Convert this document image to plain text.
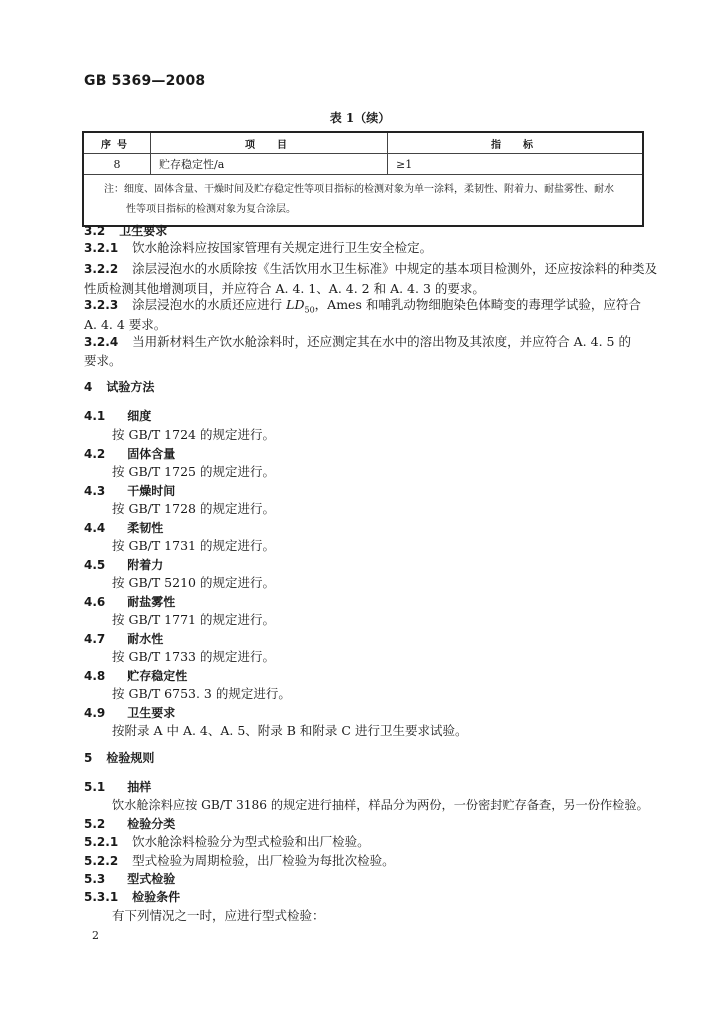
GB 5369—2008
表 1（续）
序号	项　目	指　标
8	贮存稳定性/a	≥1

注：细度、固体含量、干燥时间及贮存稳定性等项目指标的检测对象为单一涂料，柔韧性、附着力、耐盐雾性、耐水
性等项目指标的检测对象为复合涂层。		
3.2 卫生要求
3.2.1 饮水舱涂料应按国家管理有关规定进行卫生安全检定。
3.2.2 涂层浸泡水的水质除按《生活饮用水卫生标准》中规定的基本项目检测外，还应按涂料的种类及
性质检测其他增测项目，并应符合 A. 4. 1、A. 4. 2 和 A. 4. 3 的要求。
3.2.3 涂层浸泡水的水质还应进行 $LD_{50}$，Ames 和哺乳动物细胞染色体畸变的毒理学试验，应符合
A. 4. 4 要求。
3.2.4 当用新材料生产饮水舱涂料时，还应测定其在水中的溶出物及其浓度，并应符合 A. 4. 5 的
要求。
4 试验方法
4.1 细度
按 GB/T 1724 的规定进行。
4.2 固体含量
按 GB/T 1725 的规定进行。
4.3 干燥时间
按 GB/T 1728 的规定进行。
4.4 柔韧性
按 GB/T 1731 的规定进行。
4.5 附着力
按 GB/T 5210 的规定进行。
4.6 耐盐雾性
按 GB/T 1771 的规定进行。
4.7 耐水性
按 GB/T 1733 的规定进行。
4.8 贮存稳定性
按 GB/T 6753. 3 的规定进行。
4.9 卫生要求
按附录 A 中 A. 4、A. 5、附录 B 和附录 C 进行卫生要求试验。
5 检验规则
5.1 抽样
饮水舱涂料应按 GB/T 3186 的规定进行抽样，样品分为两份，一份密封贮存备查，另一份作检验。
5.2 检验分类
5.2.1 饮水舱涂料检验分为型式检验和出厂检验。
5.2.2 型式检验为周期检验，出厂检验为每批次检验。
5.3 型式检验
5.3.1 检验条件
有下列情况之一时，应进行型式检验：
2
